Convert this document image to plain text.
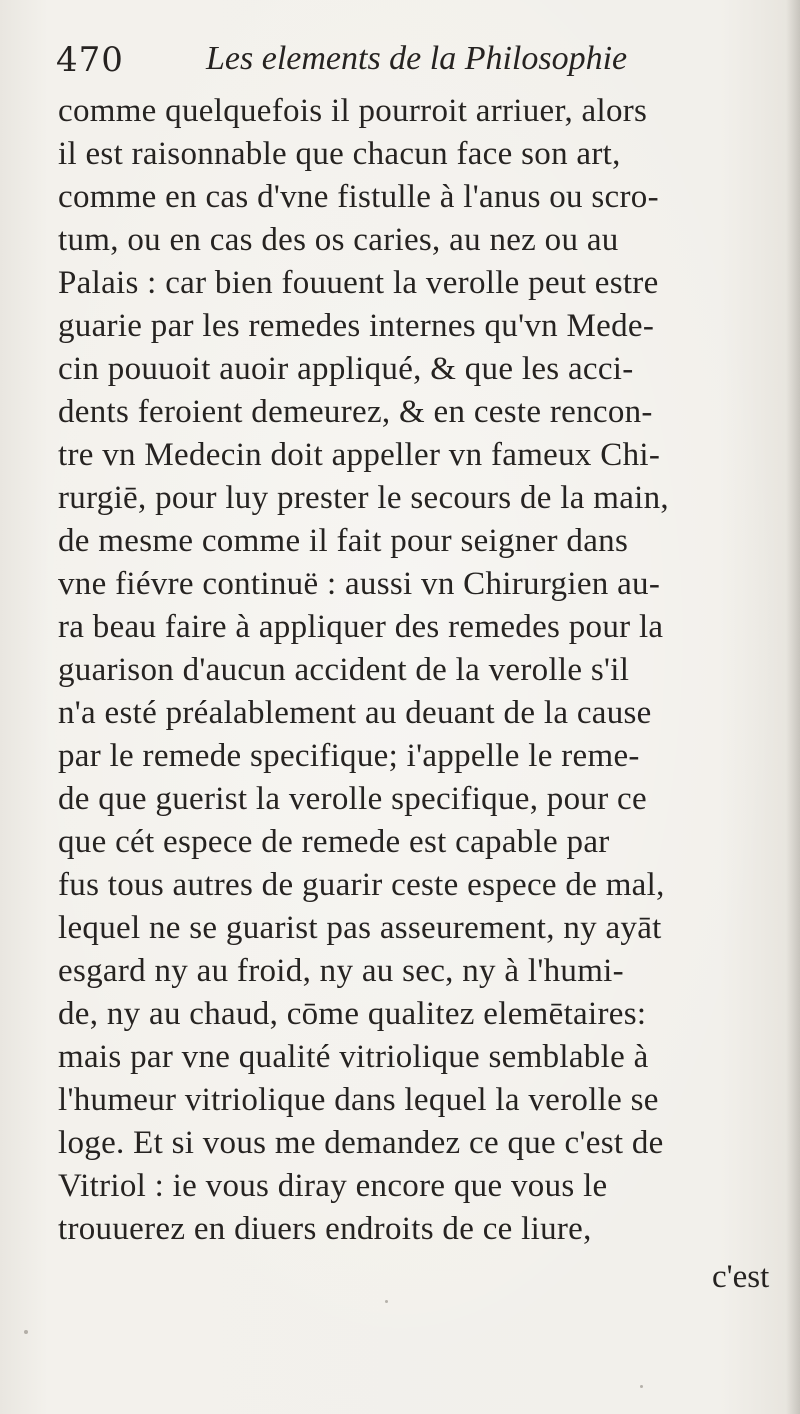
470 Les elements de la Philosophie
comme quelquefois il pourroit arriuer, alors
il est raisonnable que chacun face son art,
comme en cas d'vne fistulle à l'anus ou scro-
tum, ou en cas des os caries, au nez ou au
Palais : car bien fouuent la verolle peut estre
guarie par les remedes internes qu'vn Mede-
cin pouuoit auoir appliqué, & que les acci-
dents feroient demeurez, & en ceste rencon-
tre vn Medecin doit appeller vn fameux Chi-
rurgiē, pour luy prester le secours de la main,
de mesme comme il fait pour seigner dans
vne fiévre continuë : aussi vn Chirurgien au-
ra beau faire à appliquer des remedes pour la
guarison d'aucun accident de la verolle s'il
n'a esté préalablement au deuant de la cause
par le remede specifique; i'appelle le reme-
de que guerist la verolle specifique, pour ce
que cét espece de remede est capable par
fus tous autres de guarir ceste espece de mal,
lequel ne se guarist pas asseurement, ny ayāt
esgard ny au froid, ny au sec, ny à l'humi-
de, ny au chaud, cōme qualitez elemētaires:
mais par vne qualité vitriolique semblable à
l'humeur vitriolique dans lequel la verolle se
loge. Et si vous me demandez ce que c'est de
Vitriol : ie vous diray encore que vous le
trouuerez en diuers endroits de ce liure,
c'est
